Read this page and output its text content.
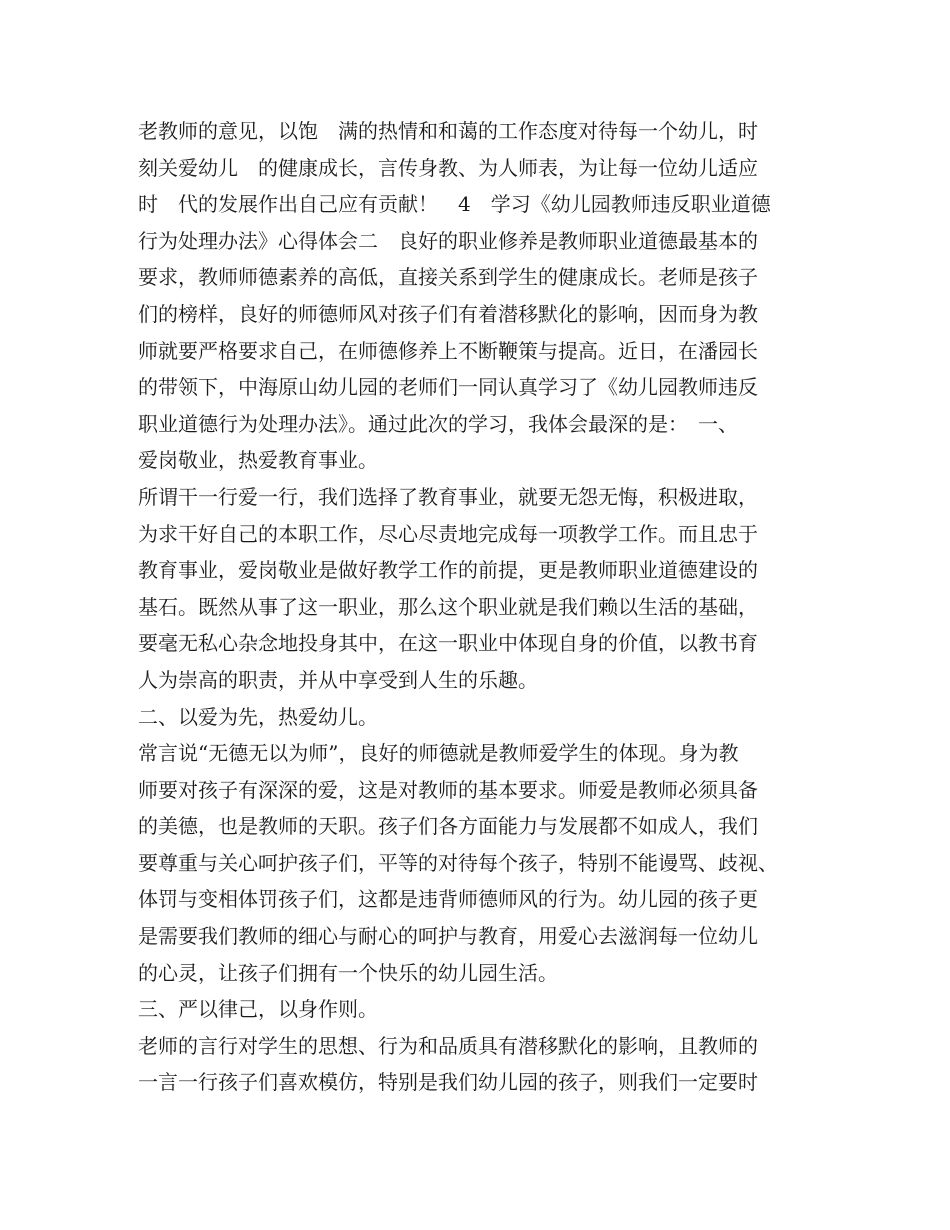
老教师的意见，以饱　满的热情和和蔼的工作态度对待每一个幼儿，时
刻关爱幼儿　的健康成长，言传身教、为人师表，为让每一位幼儿适应
时　代的发展作出自己应有贡献！　4　学习《幼儿园教师违反职业道德
行为处理办法》心得体会二　良好的职业修养是教师职业道德最基本的
要求，教师师德素养的高低，直接关系到学生的健康成长。老师是孩子
们的榜样，良好的师德师风对孩子们有着潜移默化的影响，因而身为教
师就要严格要求自己，在师德修养上不断鞭策与提高。近日，在潘园长
的带领下，中海原山幼儿园的老师们一同认真学习了《幼儿园教师违反
职业道德行为处理办法》。通过此次的学习，我体会最深的是：　一、
爱岗敬业，热爱教育事业。
所谓干一行爱一行，我们选择了教育事业，就要无怨无悔，积极进取，
为求干好自己的本职工作，尽心尽责地完成每一项教学工作。而且忠于
教育事业，爱岗敬业是做好教学工作的前提，更是教师职业道德建设的
基石。既然从事了这一职业，那么这个职业就是我们赖以生活的基础，
要毫无私心杂念地投身其中，在这一职业中体现自身的价值，以教书育
人为崇高的职责，并从中享受到人生的乐趣。
二、以爱为先，热爱幼儿。
常言说“无德无以为师”，良好的师德就是教师爱学生的体现。身为教
师要对孩子有深深的爱，这是对教师的基本要求。师爱是教师必须具备
的美德，也是教师的天职。孩子们各方面能力与发展都不如成人，我们
要尊重与关心呵护孩子们，平等的对待每个孩子，特别不能谩骂、歧视、
体罚与变相体罚孩子们，这都是违背师德师风的行为。幼儿园的孩子更
是需要我们教师的细心与耐心的呵护与教育，用爱心去滋润每一位幼儿
的心灵，让孩子们拥有一个快乐的幼儿园生活。
三、严以律己，以身作则。
老师的言行对学生的思想、行为和品质具有潜移默化的影响，且教师的
一言一行孩子们喜欢模仿，特别是我们幼儿园的孩子，则我们一定要时
